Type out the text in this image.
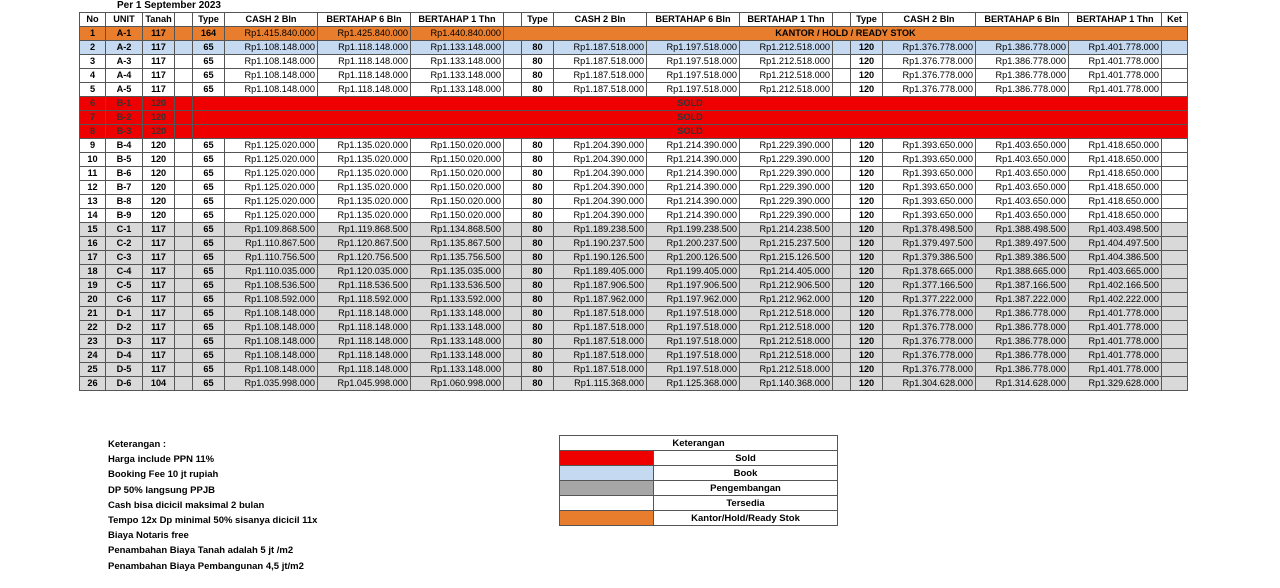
Per 1 September 2023
No	UNIT	Tanah		Type	CASH 2 Bln	BERTAHAP 6 Bln	BERTAHAP 1 Thn		Type	CASH 2 Bln	BERTAHAP 6 Bln	BERTAHAP 1 Thn		Type	CASH 2 Bln	BERTAHAP 6 Bln	BERTAHAP 1 Thn	Ket
1	A-1	117		164	Rp1.415.840.000	Rp1.425.840.000	Rp1.440.840.000	KANTOR / HOLD / READY STOK										
2	A-2	117		65	Rp1.108.148.000	Rp1.118.148.000	Rp1.133.148.000		80	Rp1.187.518.000	Rp1.197.518.000	Rp1.212.518.000		120	Rp1.376.778.000	Rp1.386.778.000	Rp1.401.778.000	
3	A-3	117		65	Rp1.108.148.000	Rp1.118.148.000	Rp1.133.148.000		80	Rp1.187.518.000	Rp1.197.518.000	Rp1.212.518.000		120	Rp1.376.778.000	Rp1.386.778.000	Rp1.401.778.000	
4	A-4	117		65	Rp1.108.148.000	Rp1.118.148.000	Rp1.133.148.000		80	Rp1.187.518.000	Rp1.197.518.000	Rp1.212.518.000		120	Rp1.376.778.000	Rp1.386.778.000	Rp1.401.778.000	
5	A-5	117		65	Rp1.108.148.000	Rp1.118.148.000	Rp1.133.148.000		80	Rp1.187.518.000	Rp1.197.518.000	Rp1.212.518.000		120	Rp1.376.778.000	Rp1.386.778.000	Rp1.401.778.000	
6	B-1	120		SOLD														
7	B-2	120		SOLD														
8	B-3	120		SOLD														
9	B-4	120		65	Rp1.125.020.000	Rp1.135.020.000	Rp1.150.020.000		80	Rp1.204.390.000	Rp1.214.390.000	Rp1.229.390.000		120	Rp1.393.650.000	Rp1.403.650.000	Rp1.418.650.000	
10	B-5	120		65	Rp1.125.020.000	Rp1.135.020.000	Rp1.150.020.000		80	Rp1.204.390.000	Rp1.214.390.000	Rp1.229.390.000		120	Rp1.393.650.000	Rp1.403.650.000	Rp1.418.650.000	
11	B-6	120		65	Rp1.125.020.000	Rp1.135.020.000	Rp1.150.020.000		80	Rp1.204.390.000	Rp1.214.390.000	Rp1.229.390.000		120	Rp1.393.650.000	Rp1.403.650.000	Rp1.418.650.000	
12	B-7	120		65	Rp1.125.020.000	Rp1.135.020.000	Rp1.150.020.000		80	Rp1.204.390.000	Rp1.214.390.000	Rp1.229.390.000		120	Rp1.393.650.000	Rp1.403.650.000	Rp1.418.650.000	
13	B-8	120		65	Rp1.125.020.000	Rp1.135.020.000	Rp1.150.020.000		80	Rp1.204.390.000	Rp1.214.390.000	Rp1.229.390.000		120	Rp1.393.650.000	Rp1.403.650.000	Rp1.418.650.000	
14	B-9	120		65	Rp1.125.020.000	Rp1.135.020.000	Rp1.150.020.000		80	Rp1.204.390.000	Rp1.214.390.000	Rp1.229.390.000		120	Rp1.393.650.000	Rp1.403.650.000	Rp1.418.650.000	
15	C-1	117		65	Rp1.109.868.500	Rp1.119.868.500	Rp1.134.868.500		80	Rp1.189.238.500	Rp1.199.238.500	Rp1.214.238.500		120	Rp1.378.498.500	Rp1.388.498.500	Rp1.403.498.500	
16	C-2	117		65	Rp1.110.867.500	Rp1.120.867.500	Rp1.135.867.500		80	Rp1.190.237.500	Rp1.200.237.500	Rp1.215.237.500		120	Rp1.379.497.500	Rp1.389.497.500	Rp1.404.497.500	
17	C-3	117		65	Rp1.110.756.500	Rp1.120.756.500	Rp1.135.756.500		80	Rp1.190.126.500	Rp1.200.126.500	Rp1.215.126.500		120	Rp1.379.386.500	Rp1.389.386.500	Rp1.404.386.500	
18	C-4	117		65	Rp1.110.035.000	Rp1.120.035.000	Rp1.135.035.000		80	Rp1.189.405.000	Rp1.199.405.000	Rp1.214.405.000		120	Rp1.378.665.000	Rp1.388.665.000	Rp1.403.665.000	
19	C-5	117		65	Rp1.108.536.500	Rp1.118.536.500	Rp1.133.536.500		80	Rp1.187.906.500	Rp1.197.906.500	Rp1.212.906.500		120	Rp1.377.166.500	Rp1.387.166.500	Rp1.402.166.500	
20	C-6	117		65	Rp1.108.592.000	Rp1.118.592.000	Rp1.133.592.000		80	Rp1.187.962.000	Rp1.197.962.000	Rp1.212.962.000		120	Rp1.377.222.000	Rp1.387.222.000	Rp1.402.222.000	
21	D-1	117		65	Rp1.108.148.000	Rp1.118.148.000	Rp1.133.148.000		80	Rp1.187.518.000	Rp1.197.518.000	Rp1.212.518.000		120	Rp1.376.778.000	Rp1.386.778.000	Rp1.401.778.000	
22	D-2	117		65	Rp1.108.148.000	Rp1.118.148.000	Rp1.133.148.000		80	Rp1.187.518.000	Rp1.197.518.000	Rp1.212.518.000		120	Rp1.376.778.000	Rp1.386.778.000	Rp1.401.778.000	
23	D-3	117		65	Rp1.108.148.000	Rp1.118.148.000	Rp1.133.148.000		80	Rp1.187.518.000	Rp1.197.518.000	Rp1.212.518.000		120	Rp1.376.778.000	Rp1.386.778.000	Rp1.401.778.000	
24	D-4	117		65	Rp1.108.148.000	Rp1.118.148.000	Rp1.133.148.000		80	Rp1.187.518.000	Rp1.197.518.000	Rp1.212.518.000		120	Rp1.376.778.000	Rp1.386.778.000	Rp1.401.778.000	
25	D-5	117		65	Rp1.108.148.000	Rp1.118.148.000	Rp1.133.148.000		80	Rp1.187.518.000	Rp1.197.518.000	Rp1.212.518.000		120	Rp1.376.778.000	Rp1.386.778.000	Rp1.401.778.000	
26	D-6	104		65	Rp1.035.998.000	Rp1.045.998.000	Rp1.060.998.000		80	Rp1.115.368.000	Rp1.125.368.000	Rp1.140.368.000		120	Rp1.304.628.000	Rp1.314.628.000	Rp1.329.628.000	
Keterangan :
Harga include PPN 11%
Booking Fee 10 jt rupiah
DP 50% langsung PPJB
Cash bisa dicicil maksimal 2 bulan
Tempo 12x Dp minimal 50% sisanya dicicil 11x
Biaya Notaris free
Penambahan Biaya Tanah adalah 5 jt /m2
Penambahan Biaya Pembangunan 4,5 jt/m2
Keterangan	
	Sold
	Book
	Pengembangan
	Tersedia
	Kantor/Hold/Ready Stok
